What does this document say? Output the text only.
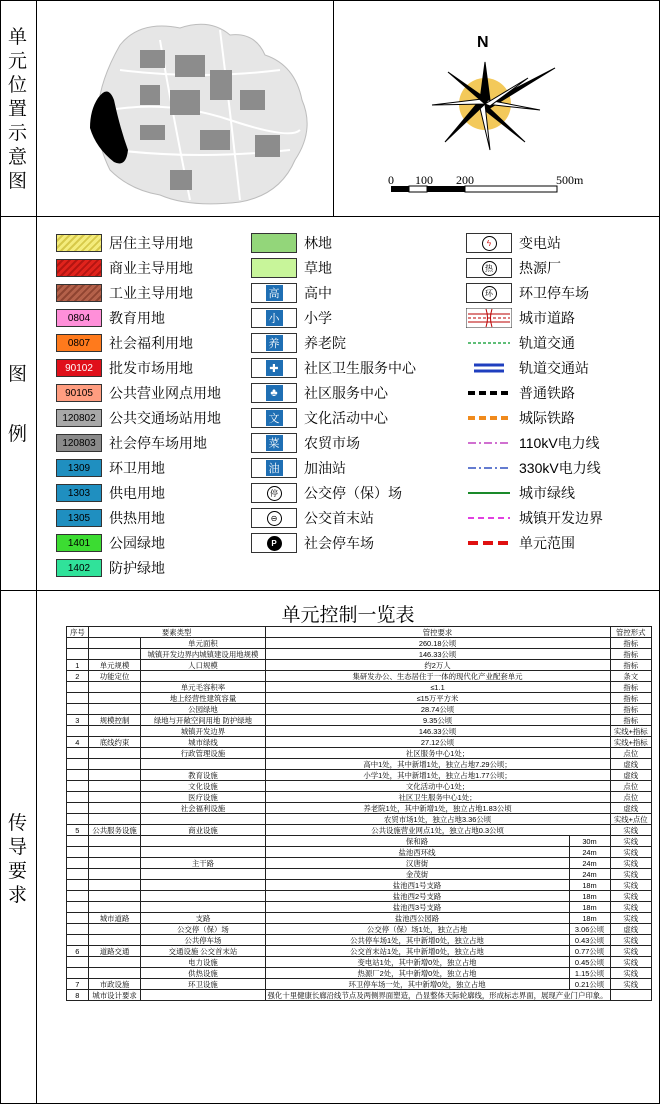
单元位置示意图
图例
传导要求
N
0 100 200	500m
居住主导用地
商业主导用地
工业主导用地
0804	教育用地
0807	社会福利用地
90102	批发市场用地
90105	公共营业网点用地
120802 公共交通场站用地
120803 社会停车场用地
1309	环卫用地
1303	供电用地
1305	供热用地
1401	公园绿地
1402	防护绿地
林地
草地
高 高中
小 小学
养 养老院
✚ 社区卫生服务中心
♣	社区服务中心
文 文化活动中心
菜 农贸市场
油 加油站
停 公交停（保）场
⊖ 公交首末站
P	社会停车场
ϟ	变电站
热 热源厂
环 环卫停车场
城市道路
轨道交通
轨道交通站
普通铁路
城际铁路
110kV电力线
330kV电力线
城市绿线
城镇开发边界
单元范围
单元控制一览表
序号	要素类型		管控要求		管控形式
		单元面积	260.18公顷		指标
		城镇开发边界内城镇建设用地规模	146.33公顷		指标
1	单元规模	人口规模	约2万人		指标
2	功能定位		集研发办公、生态居住于一体的现代化产业配套单元		条文
		单元毛容积率	≤1.1		指标
		地上经营性建筑容量	≤15万平方米		指标
		公园绿地	28.74公顷		指标
3	规模控制	绿地与开敞空间用地 防护绿地	9.35公顷		指标
		城镇开发边界	146.33公顷		实线+指标
4	底线约束	城市绿线	27.12公顷		实线+指标
		行政管理设施	社区服务中心1处；		点位
			高中1处，其中新增1处，独立占地7.29公顷；		虚线
		教育设施	小学1处，其中新增1处，独立占地1.77公顷；		虚线
		文化设施	文化活动中心1处；		点位
		医疗设施	社区卫生服务中心1处；		点位
		社会福利设施	养老院1处，其中新增1处，独立占地1.83公顷		虚线
			农贸市场1处，独立占地3.36公顷		实线+点位
5	公共服务设施	商业设施	公共设施营业网点1处，独立占地0.3公顷		实线
			保和路	30m	实线
			盐池西环线	24m	实线
		主干路	汉唐街	24m	实线
			金茂街	24m	实线
			盐池西1号支路	18m	实线
			盐池西2号支路	18m	实线
			盐池西3号支路	18m	实线
	城市道路	支路	盐池西公园路	18m	实线
		公交停（保）场	公交停（保）场1处，独立占地	3.06公顷	虚线
		公共停车场	公共停车场1处，其中新增0处，独立占地	0.43公顷	实线
6	道路交通	交通设施 公交首末站	公交首末站1处，其中新增0处，独立占地	0.77公顷	实线
		电力设施	变电站1处，其中新增0处，独立占地	0.45公顷	实线
		供热设施	热源厂2处，其中新增0处，独立占地	1.15公顷	实线
7	市政设施	环卫设施	环卫停车场一处，其中新增0处，独立占地	0.21公顷	实线
8	城市设计要求		强化十里健康长廊沿线节点及两侧界面塑造，凸显整体天际轮廓线，形成标志界面，展现产业门户印象。		
